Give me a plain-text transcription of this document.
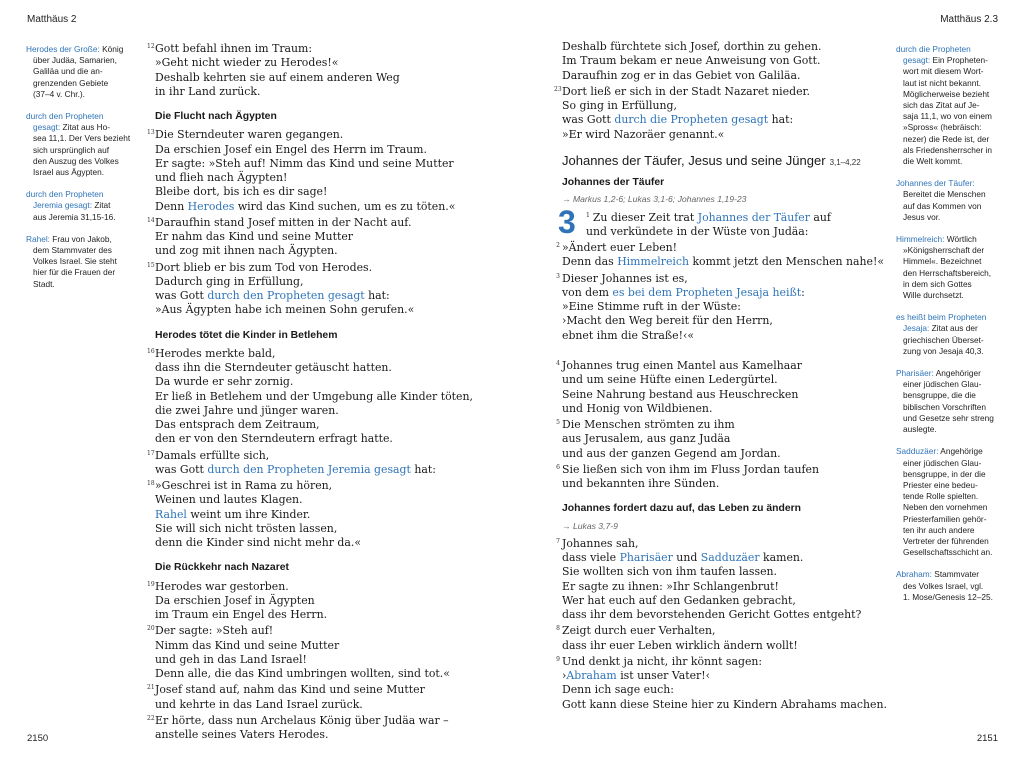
Matthäus 2	Matthäus 2.3
Herodes der Große: König
über Judäa, Samarien,
Galiläa und die an-
grenzenden Gebiete
(37–4 v. Chr.).
durch den Propheten
gesagt: Zitat aus Ho-
sea 11,1. Der Vers bezieht
sich ursprünglich auf
den Auszug des Volkes
Israel aus Ägypten.
durch den Propheten
Jeremia gesagt: Zitat
aus Jeremia 31,15-16.
Rahel: Frau von Jakob,
dem Stammvater des
Volkes Israel. Sie steht
hier für die Frauen der
Stadt.
12Gott befahl ihnen im Traum:
»Geht nicht wieder zu Herodes!«
Deshalb kehrten sie auf einem anderen Weg
in ihr Land zurück.
Die Flucht nach Ägypten
13Die Sterndeuter waren gegangen.
Da erschien Josef ein Engel des Herrn im Traum.
Er sagte: »Steh auf! Nimm das Kind und seine Mutter
und flieh nach Ägypten!
Bleibe dort, bis ich es dir sage!
Denn Herodes wird das Kind suchen, um es zu töten.«
14Daraufhin stand Josef mitten in der Nacht auf.
Er nahm das Kind und seine Mutter
und zog mit ihnen nach Ägypten.
15Dort blieb er bis zum Tod von Herodes.
Dadurch ging in Erfüllung,
was Gott durch den Propheten gesagt hat:
»Aus Ägypten habe ich meinen Sohn gerufen.«
Herodes tötet die Kinder in Betlehem
16Herodes merkte bald,
dass ihn die Sterndeuter getäuscht hatten.
Da wurde er sehr zornig.
Er ließ in Betlehem und der Umgebung alle Kinder töten,
die zwei Jahre und jünger waren.
Das entsprach dem Zeitraum,
den er von den Sterndeutern erfragt hatte.
17Damals erfüllte sich,
was Gott durch den Propheten Jeremia gesagt hat:
18»Geschrei ist in Rama zu hören,
Weinen und lautes Klagen.
Rahel weint um ihre Kinder.
Sie will sich nicht trösten lassen,
denn die Kinder sind nicht mehr da.«
Die Rückkehr nach Nazaret
19Herodes war gestorben.
Da erschien Josef in Ägypten
im Traum ein Engel des Herrn.
20Der sagte: »Steh auf!
Nimm das Kind und seine Mutter
und geh in das Land Israel!
Denn alle, die das Kind umbringen wollten, sind tot.«
21Josef stand auf, nahm das Kind und seine Mutter
und kehrte in das Land Israel zurück.
22Er hörte, dass nun Archelaus König über Judäa war –
anstelle seines Vaters Herodes.
Deshalb fürchtete sich Josef, dorthin zu gehen.
Im Traum bekam er neue Anweisung von Gott.
Daraufhin zog er in das Gebiet von Galiläa.
23Dort ließ er sich in der Stadt Nazaret nieder.
So ging in Erfüllung,
was Gott durch die Propheten gesagt hat:
»Er wird Nazoräer genannt.«
Johannes der Täufer, Jesus und seine Jünger 3,1–4,22
Johannes der Täufer
→ Markus 1,2-6; Lukas 3,1-6; Johannes 1,19-23
3	1 Zu dieser Zeit trat Johannes der Täufer auf
und verkündete in der Wüste von Judäa:
2 »Ändert euer Leben!
Denn das Himmelreich kommt jetzt den Menschen nahe!«
3 Dieser Johannes ist es,
von dem es bei dem Propheten Jesaja heißt:
»Eine Stimme ruft in der Wüste:
›Macht den Weg bereit für den Herrn,
ebnet ihm die Straße!‹«
4 Johannes trug einen Mantel aus Kamelhaar
und um seine Hüfte einen Ledergürtel.
Seine Nahrung bestand aus Heuschrecken
und Honig von Wildbienen.
5 Die Menschen strömten zu ihm
aus Jerusalem, aus ganz Judäa
und aus der ganzen Gegend am Jordan.
6 Sie ließen sich von ihm im Fluss Jordan taufen
und bekannten ihre Sünden.
Johannes fordert dazu auf, das Leben zu ändern
→ Lukas 3,7-9
7 Johannes sah,
dass viele Pharisäer und Sadduzäer kamen.
Sie wollten sich von ihm taufen lassen.
Er sagte zu ihnen: »Ihr Schlangenbrut!
Wer hat euch auf den Gedanken gebracht,
dass ihr dem bevorstehenden Gericht Gottes entgeht?
8 Zeigt durch euer Verhalten,
dass ihr euer Leben wirklich ändern wollt!
9 Und denkt ja nicht, ihr könnt sagen:
›Abraham ist unser Vater!‹
Denn ich sage euch:
Gott kann diese Steine hier zu Kindern Abrahams machen.
durch die Propheten
gesagt: Ein Propheten-
wort mit diesem Wort-
laut ist nicht bekannt.
Möglicherweise bezieht
sich das Zitat auf Je-
saja 11,1, wo von einem
»Spross« (hebräisch:
nezer) die Rede ist, der
als Friedensherrscher in
die Welt kommt.
Johannes der Täufer:
Bereitet die Menschen
auf das Kommen von
Jesus vor.
Himmelreich: Wörtlich
»Königsherrschaft der
Himmel«. Bezeichnet
den Herrschaftsbereich,
in dem sich Gottes
Wille durchsetzt.
es heißt beim Propheten
Jesaja: Zitat aus der
griechischen Überset-
zung von Jesaja 40,3.
Pharisäer: Angehöriger
einer jüdischen Glau-
bensgruppe, die die
biblischen Vorschriften
und Gesetze sehr streng
auslegte.
Sadduzäer: Angehörige
einer jüdischen Glau-
bensgruppe, in der die
Priester eine bedeu-
tende Rolle spielten.
Neben den vornehmen
Priesterfamilien gehör-
ten ihr auch andere
Vertreter der führenden
Gesellschaftsschicht an.
Abraham: Stammvater
des Volkes Israel, vgl.
1. Mose/Genesis 12–25.
2150	2151
